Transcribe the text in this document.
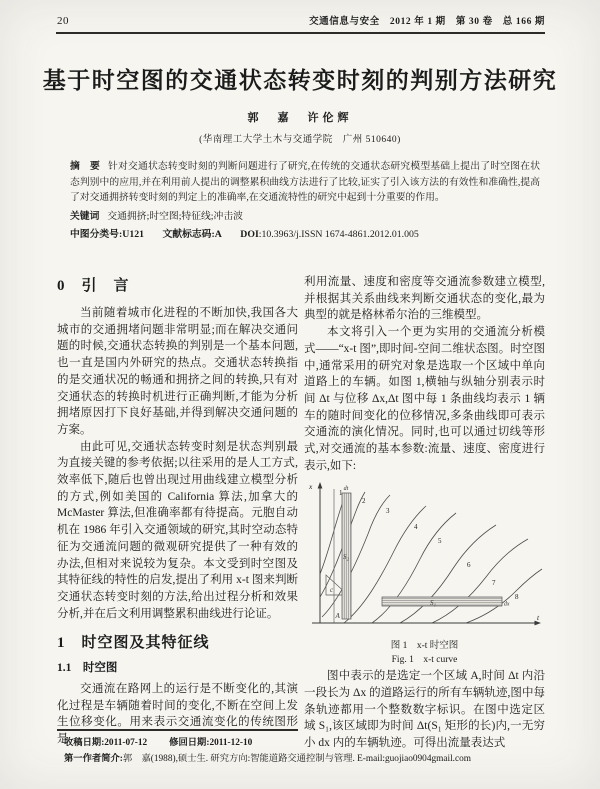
20	交通信息与安全　2012 年 1 期　第 30 卷　总 166 期
基于时空图的交通状态转变时刻的判别方法研究
郭　嘉　许伦辉
(华南理工大学土木与交通学院　广州 510640)

摘　要 针对交通状态转变时刻的判断问题进行了研究,在传统的交通状态研究模型基础上提出了时空图在状态判别中的应用,并在利用前人提出的调整累积曲线方法进行了比较,证实了引入该方法的有效性和准确性,提高了对交通拥挤转变时刻的判定上的准确率,在交通流特性的研究中起到十分重要的作用。

关键词 交通拥挤;时空图;特征线;冲击波

中图分类号:U121 文献标志码:A DOI:10.3963/j.ISSN 1674-4861.2012.01.005

0　引　言

当前随着城市化进程的不断加快,我国各大城市的交通拥堵问题非常明显;而在解决交通问题的时候,交通状态转换的判别是一个基本问题,也一直是国内外研究的热点。交通状态转换指的是交通状况的畅通和拥挤之间的转换,只有对交通状态的转换时机进行正确判断,才能为分析拥堵原因打下良好基础,并得到解决交通问题的方案。

由此可见,交通状态转变时刻是状态判别最为直接关键的参考依据;以往采用的是人工方式,效率低下,随后也曾出现过用曲线建立模型分析的方式,例如美国的 California 算法,加拿大的 McMaster 算法,但准确率都有待提高。元胞自动机在 1986 年引入交通领域的研究,其时空动态特征为交通流问题的微观研究提供了一种有效的办法,但相对来说较为复杂。本文受到时空图及其特征线的特性的启发,提出了利用 x-t 图来判断交通状态转变时刻的方法,给出过程分析和效果分析,并在后文利用调整累积曲线进行论证。

1　时空图及其特征线
1.1　时空图

交通流在路网上的运行是不断变化的,其演化过程是车辆随着时间的变化,不断在空间上发生位移变化。用来表示交通流变化的传统图形是

利用流量、速度和密度等交通流参数建立模型,并根据其关系曲线来判断交通状态的变化,最为典型的就是格林希尔治的三维模型。

本文将引入一个更为实用的交通流分析模式——“x-t 图”,即时间-空间二维状态图。时空图中,通常采用的研究对象是选取一个区域中单向道路上的车辆。如图 1,横轴与纵轴分别表示时间 Δt 与位移 Δx,Δt 图中每 1 条曲线均表示 1 辆车的随时间变化的位移情况,多条曲线即可表示交通流的演化情况。同时,也可以通过切线等形式,对交通流的基本参数:流量、速度、密度进行表示,如下:

c
x
t
dt
S₂
A
S₁	dx
1
2
3
4
5
6
7
8
图 1　x-t 时空图
Fig. 1　x-t curve

图中表示的是选定一个区域 A,时间 Δt 内沿一段长为 Δx 的道路运行的所有车辆轨迹,图中每条轨迹都用一个整数数字标识。在图中选定区域 S₁,该区域即为时间 Δt(S₁ 矩形的长)内,一无穷小 dx 内的车辆轨迹。可得出流量表达式

收稿日期:2011-07-12 修回日期:2011-12-10
第一作者简介:郭　嘉(1988),硕士生. 研究方向:智能道路交通控制与管理. E-mail:guojiao0904gmail.com
